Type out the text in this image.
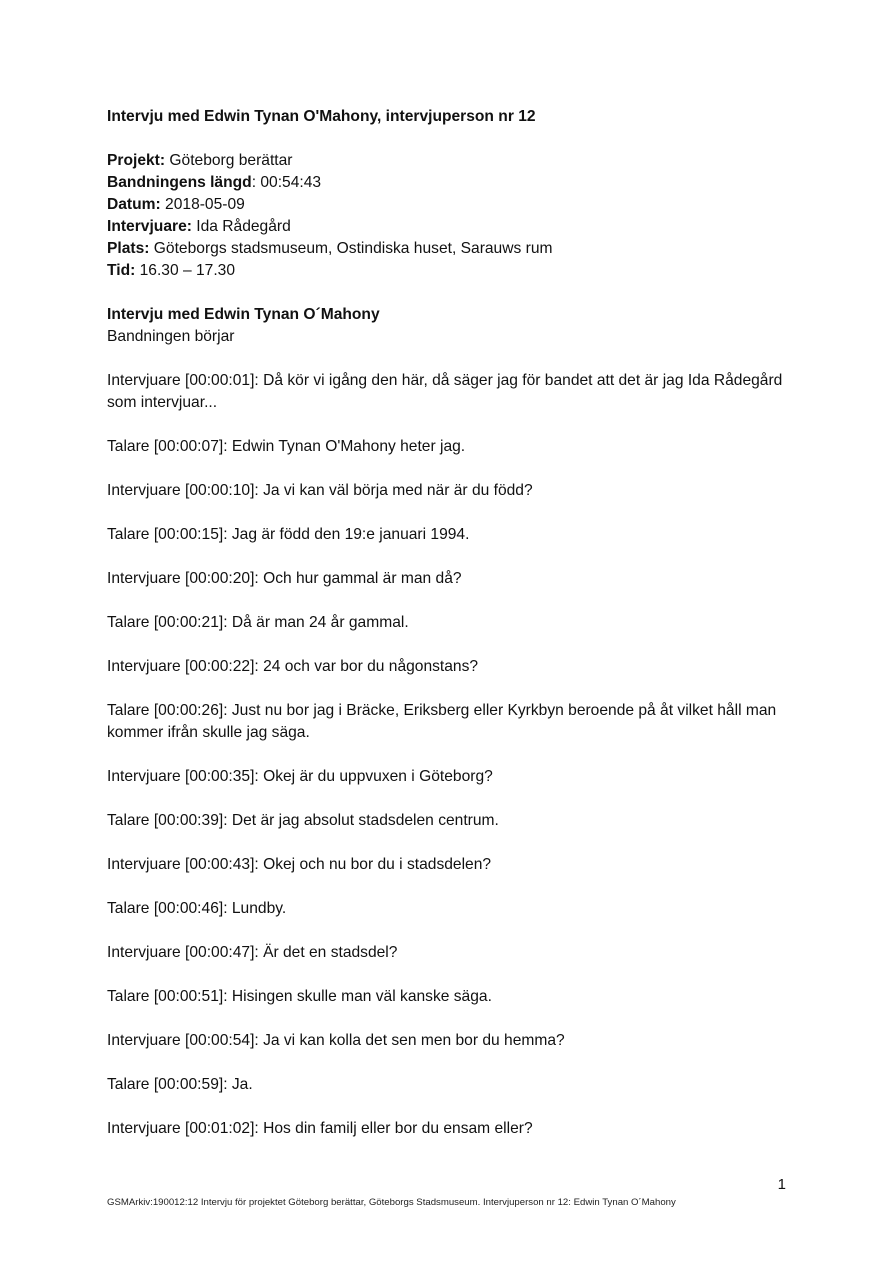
Intervju med Edwin Tynan O'Mahony, intervjuperson nr 12

Projekt: Göteborg berättar

Bandningens längd: 00:54:43

Datum: 2018-05-09

Intervjuare: Ida Rådegård

Plats: Göteborgs stadsmuseum, Ostindiska huset, Sarauws rum

Tid: 16.30 – 17.30

Intervju med Edwin Tynan O´Mahony

Bandningen börjar

Intervjuare [00:00:01]: Då kör vi igång den här, då säger jag för bandet att det är jag Ida Rådegård som intervjuar...

Talare [00:00:07]: Edwin Tynan O'Mahony heter jag.

Intervjuare [00:00:10]: Ja vi kan väl börja med när är du född?

Talare [00:00:15]: Jag är född den 19:e januari 1994.

Intervjuare [00:00:20]: Och hur gammal är man då?

Talare [00:00:21]: Då är man 24 år gammal.

Intervjuare [00:00:22]: 24 och var bor du någonstans?

Talare [00:00:26]: Just nu bor jag i Bräcke, Eriksberg eller Kyrkbyn beroende på åt vilket håll man kommer ifrån skulle jag säga.

Intervjuare [00:00:35]: Okej är du uppvuxen i Göteborg?

Talare [00:00:39]: Det är jag absolut stadsdelen centrum.

Intervjuare [00:00:43]: Okej och nu bor du i stadsdelen?

Talare [00:00:46]: Lundby.

Intervjuare [00:00:47]: Är det en stadsdel?

Talare [00:00:51]: Hisingen skulle man väl kanske säga.

Intervjuare [00:00:54]: Ja vi kan kolla det sen men bor du hemma?

Talare [00:00:59]: Ja.

Intervjuare [00:01:02]: Hos din familj eller bor du ensam eller?

1
GSMArkiv:190012:12 Intervju för projektet Göteborg berättar, Göteborgs Stadsmuseum. Intervjuperson nr 12: Edwin Tynan O´Mahony
